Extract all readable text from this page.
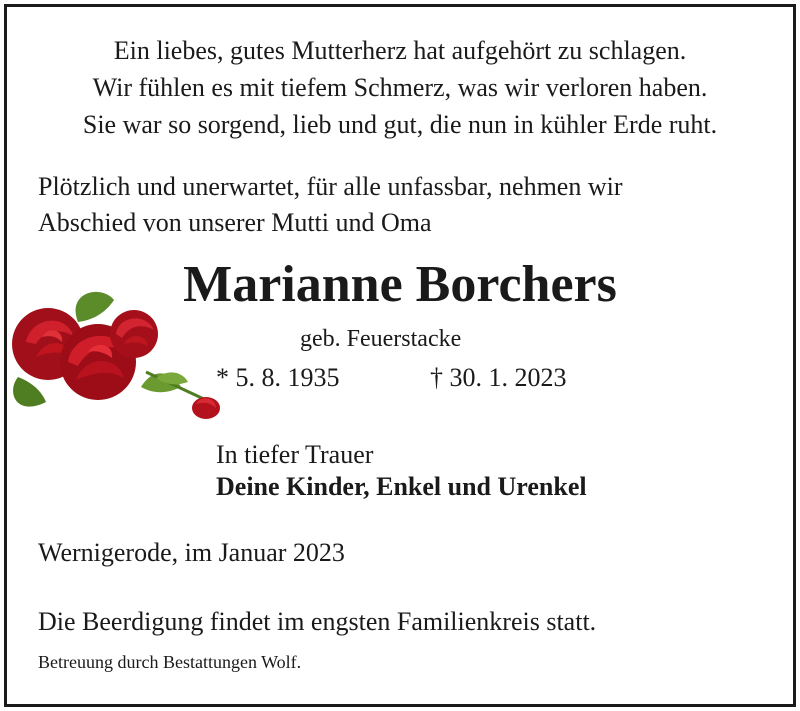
Ein liebes, gutes Mutterherz hat aufgehört zu schlagen.
Wir fühlen es mit tiefem Schmerz, was wir verloren haben.
Sie war so sorgend, lieb und gut, die nun in kühler Erde ruht.
Plötzlich und unerwartet, für alle unfassbar, nehmen wir
Abschied von unserer Mutti und Oma
Marianne Borchers
geb. Feuerstacke
* 5. 8. 1935	† 30. 1. 2023
In tiefer Trauer
Deine Kinder, Enkel und Urenkel
Wernigerode, im Januar 2023
Die Beerdigung findet im engsten Familienkreis statt.
Betreuung durch Bestattungen Wolf.
